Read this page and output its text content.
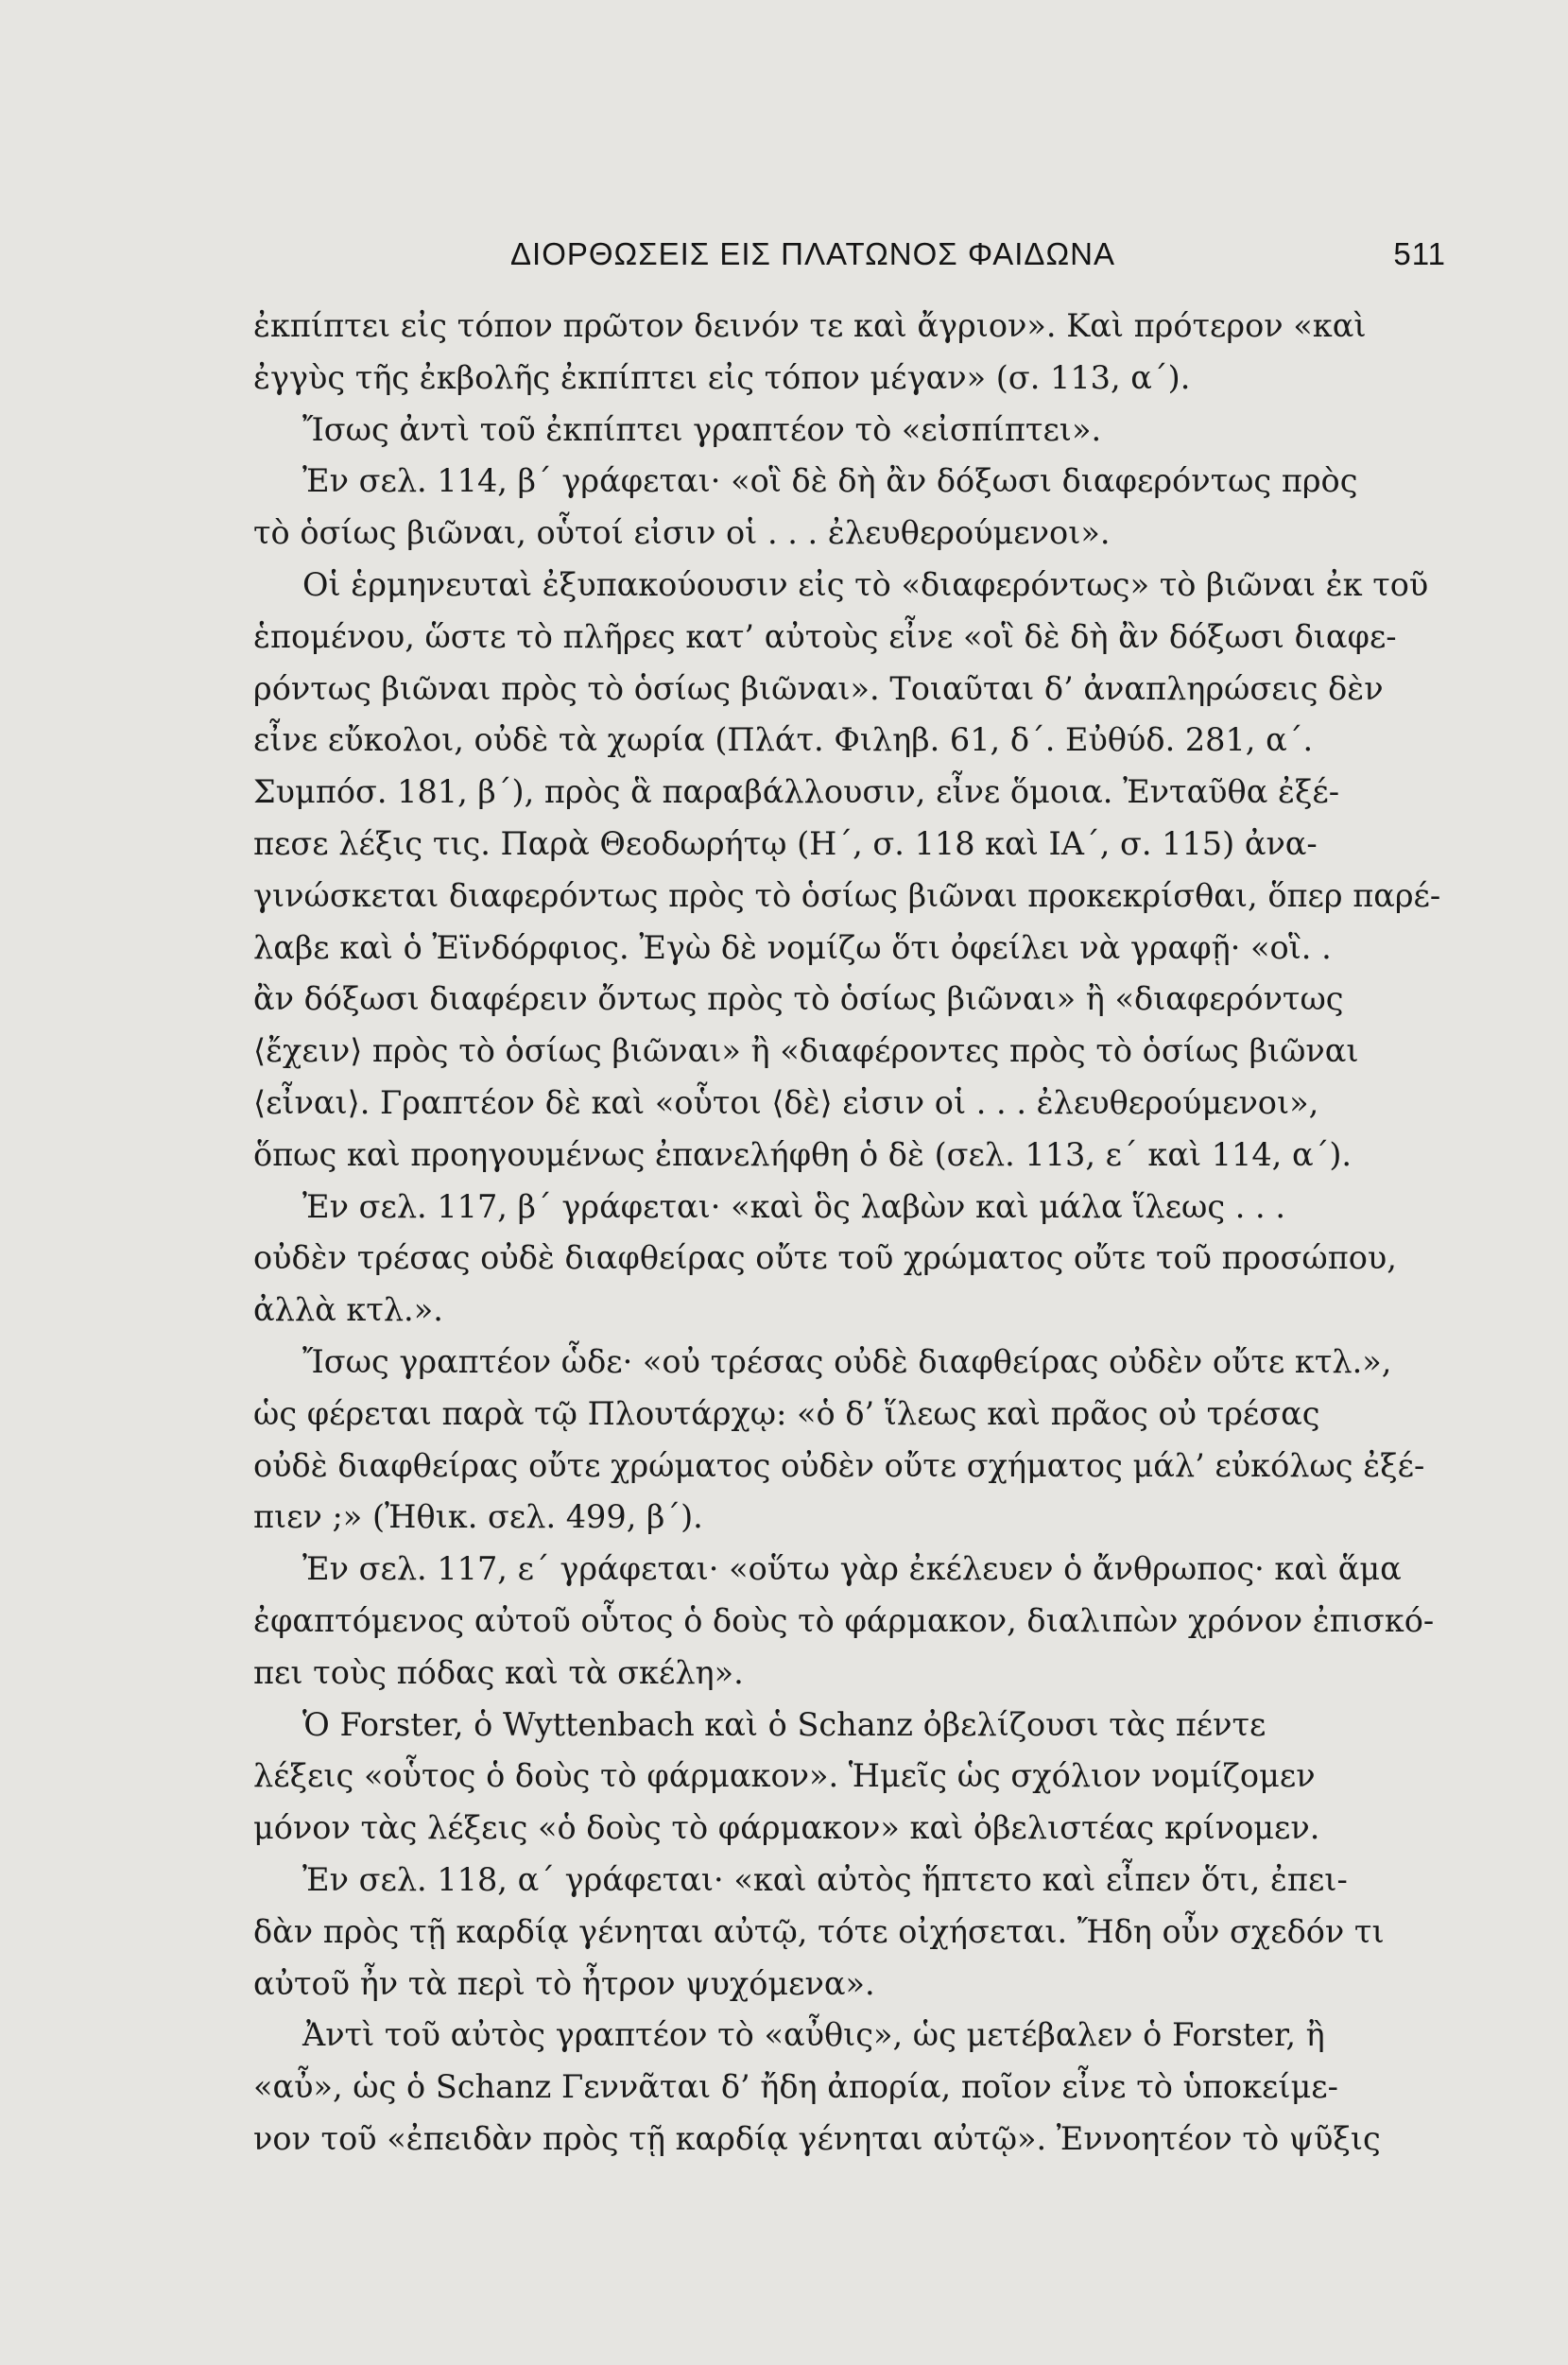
ΔΙΟΡΘΩΣΕΙΣ ΕΙΣ ΠΛΑΤΩΝΟΣ ΦΑΙΔΩΝΑ	511
ἐκπίπτει εἰς τόπον πρῶτον δεινόν τε καὶ ἄγριον». Καὶ πρότερον «καὶ
ἐγγὺς τῆς ἐκβολῆς ἐκπίπτει εἰς τόπον μέγαν» (σ. 113, α΄).
Ἴσως ἀντὶ τοῦ ἐκπίπτει γραπτέον τὸ «εἰσπίπτει».
Ἐν σελ. 114, β΄ γράφεται· «οἳ δὲ δὴ ἂν δόξωσι διαφερόντως πρὸς
τὸ ὁσίως βιῶναι, οὗτοί εἰσιν οἱ . . . ἐλευθερούμενοι».
Οἱ ἑρμηνευταὶ ἐξυπακούουσιν εἰς τὸ «διαφερόντως» τὸ βιῶναι ἐκ τοῦ
ἑπομένου, ὥστε τὸ πλῆρες κατ’ αὐτοὺς εἶνε «οἳ δὲ δὴ ἂν δόξωσι διαφε-
ρόντως βιῶναι πρὸς τὸ ὁσίως βιῶναι». Τοιαῦται δ’ ἀναπληρώσεις δὲν
εἶνε εὔκολοι, οὐδὲ τὰ χωρία (Πλάτ. Φιληβ. 61, δ΄. Εὐθύδ. 281, α΄.
Συμπόσ. 181, β΄), πρὸς ἃ παραβάλλουσιν, εἶνε ὅμοια. Ἐνταῦθα ἐξέ-
πεσε λέξις τις. Παρὰ Θεοδωρήτῳ (Η΄, σ. 118 καὶ ΙΑ΄, σ. 115) ἀνα-
γινώσκεται διαφερόντως πρὸς τὸ ὁσίως βιῶναι προκεκρίσθαι, ὅπερ παρέ-
λαβε καὶ ὁ Ἐϊνδόρφιος. Ἐγὼ δὲ νομίζω ὅτι ὀφείλει νὰ γραφῇ· «οἳ. .
ἂν δόξωσι διαφέρειν ὄντως πρὸς τὸ ὁσίως βιῶναι» ἢ «διαφερόντως
⟨ἔχειν⟩ πρὸς τὸ ὁσίως βιῶναι» ἢ «διαφέροντες πρὸς τὸ ὁσίως βιῶναι
⟨εἶναι⟩. Γραπτέον δὲ καὶ «οὗτοι ⟨δὲ⟩ εἰσιν οἱ . . . ἐλευθερούμενοι»,
ὅπως καὶ προηγουμένως ἐπανελήφθη ὁ δὲ (σελ. 113, ε΄ καὶ 114, α΄).
Ἐν σελ. 117, β΄ γράφεται· «καὶ ὃς λαβὼν καὶ μάλα ἵλεως . . .
οὐδὲν τρέσας οὐδὲ διαφθείρας οὔτε τοῦ χρώματος οὔτε τοῦ προσώπου,
ἀλλὰ κτλ.».
Ἴσως γραπτέον ὧδε· «οὐ τρέσας οὐδὲ διαφθείρας οὐδὲν οὔτε κτλ.»,
ὡς φέρεται παρὰ τῷ Πλουτάρχῳ: «ὁ δ’ ἵλεως καὶ πρᾶος οὐ τρέσας
οὐδὲ διαφθείρας οὔτε χρώματος οὐδὲν οὔτε σχήματος μάλ’ εὐκόλως ἐξέ-
πιεν ;» (Ἠθικ. σελ. 499, β΄).
Ἐν σελ. 117, ε΄ γράφεται· «οὕτω γὰρ ἐκέλευεν ὁ ἄνθρωπος· καὶ ἅμα
ἐφαπτόμενος αὐτοῦ οὗτος ὁ δοὺς τὸ φάρμακον, διαλιπὼν χρόνον ἐπισκό-
πει τοὺς πόδας καὶ τὰ σκέλη».
Ὁ Forster, ὁ Wyttenbach καὶ ὁ Schanz ὀβελίζουσι τὰς πέντε
λέξεις «οὗτος ὁ δοὺς τὸ φάρμακον». Ἡμεῖς ὡς σχόλιον νομίζομεν
μόνον τὰς λέξεις «ὁ δοὺς τὸ φάρμακον» καὶ ὀβελιστέας κρίνομεν.
Ἐν σελ. 118, α΄ γράφεται· «καὶ αὐτὸς ἥπτετο καὶ εἶπεν ὅτι, ἐπει-
δὰν πρὸς τῇ καρδίᾳ γένηται αὐτῷ, τότε οἰχήσεται. Ἤδη οὖν σχεδόν τι
αὐτοῦ ἦν τὰ περὶ τὸ ἦτρον ψυχόμενα».
Ἀντὶ τοῦ αὐτὸς γραπτέον τὸ «αὖθις», ὡς μετέβαλεν ὁ Forster, ἢ
«αὖ», ὡς ὁ Schanz Γεννᾶται δ’ ἤδη ἀπορία, ποῖον εἶνε τὸ ὑποκείμε-
νον τοῦ «ἐπειδὰν πρὸς τῇ καρδίᾳ γένηται αὐτῷ». Ἐννοητέον τὸ ψῦξις
